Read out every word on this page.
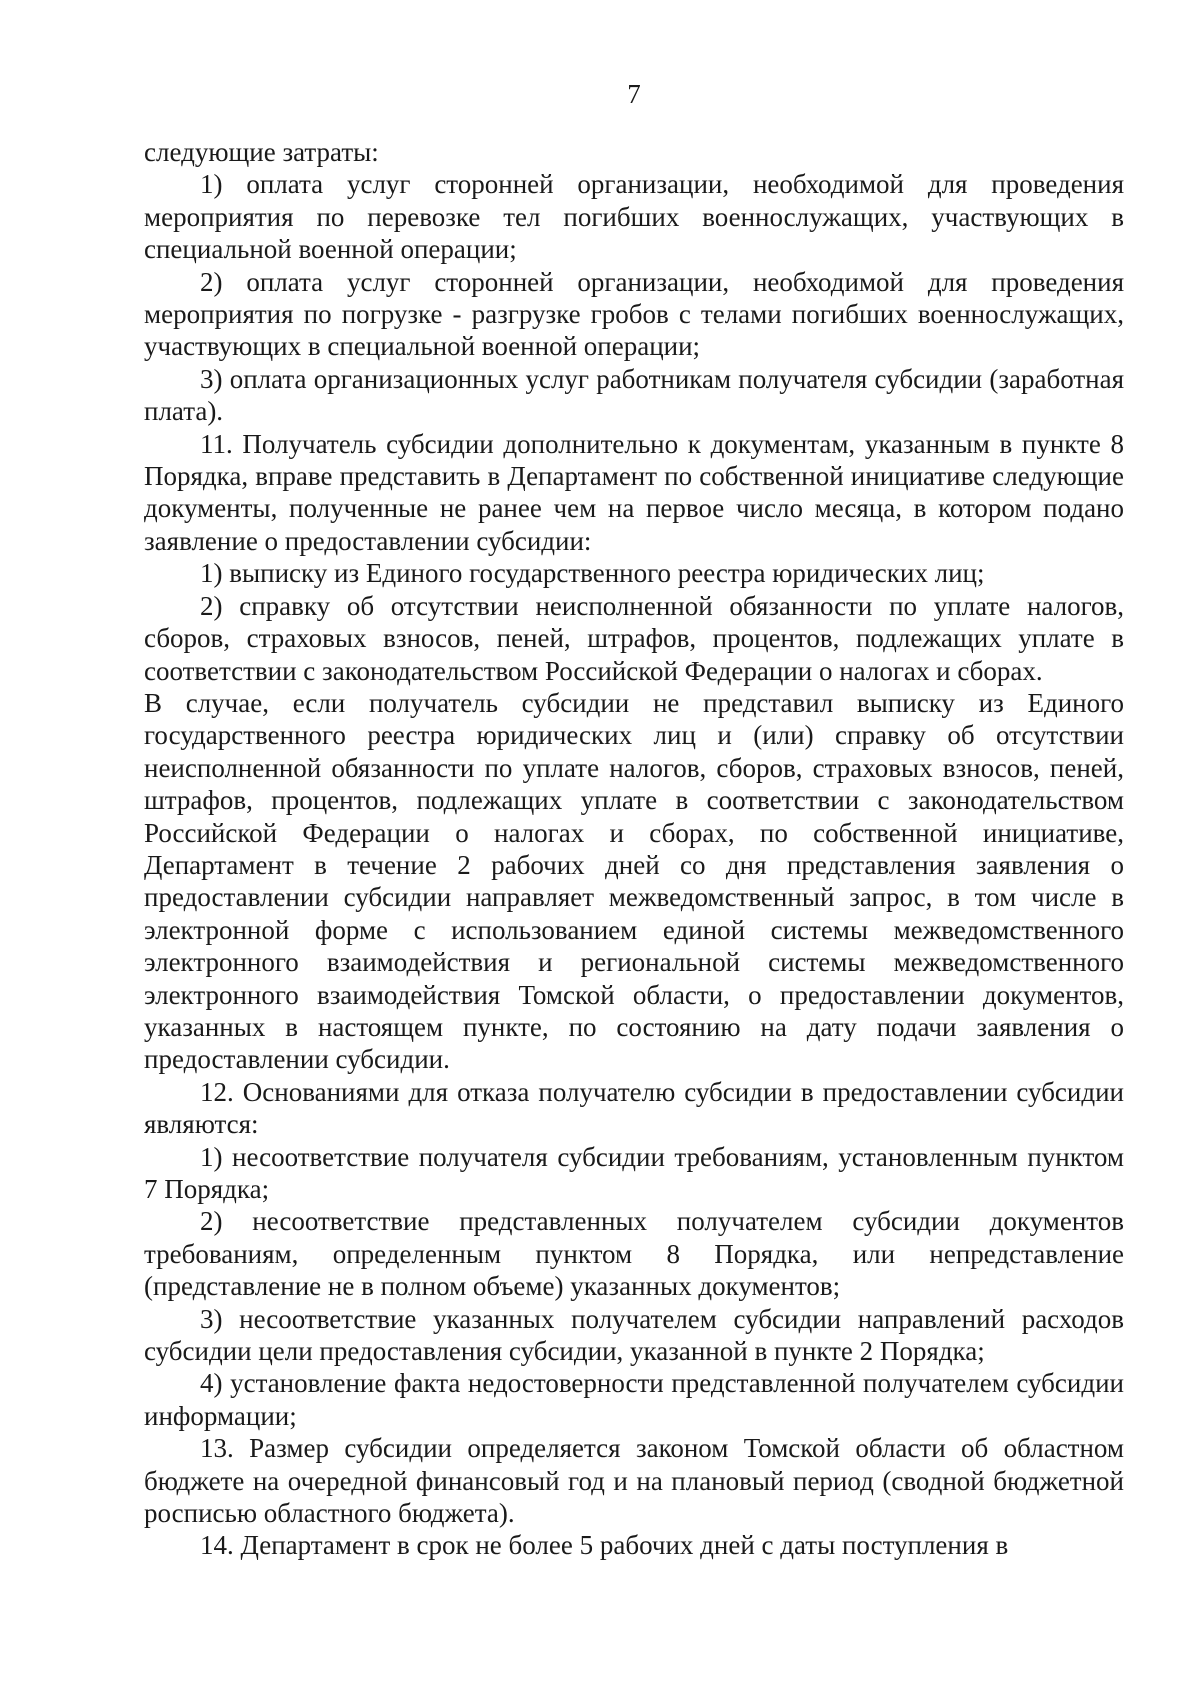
7

следующие затраты:

1) оплата услуг сторонней организации, необходимой для проведения мероприятия по перевозке тел погибших военнослужащих, участвующих в специальной военной операции;

2) оплата услуг сторонней организации, необходимой для проведения мероприятия по погрузке - разгрузке гробов с телами погибших военнослужащих, участвующих в специальной военной операции;

3) оплата организационных услуг работникам получателя субсидии (заработная плата).

11. Получатель субсидии дополнительно к документам, указанным в пункте 8 Порядка, вправе представить в Департамент по собственной инициативе следующие документы, полученные не ранее чем на первое число месяца, в котором подано заявление о предоставлении субсидии:

1) выписку из Единого государственного реестра юридических лиц;

2) справку об отсутствии неисполненной обязанности по уплате налогов, сборов, страховых взносов, пеней, штрафов, процентов, подлежащих уплате в соответствии с законодательством Российской Федерации о налогах и сборах.

В случае, если получатель субсидии не представил выписку из Единого государственного реестра юридических лиц и (или) справку об отсутствии неисполненной обязанности по уплате налогов, сборов, страховых взносов, пеней, штрафов, процентов, подлежащих уплате в соответствии с законодательством Российской Федерации о налогах и сборах, по собственной инициативе, Департамент в течение 2 рабочих дней со дня представления заявления о предоставлении субсидии направляет межведомственный запрос, в том числе в электронной форме с использованием единой системы межведомственного электронного взаимодействия и региональной системы межведомственного электронного взаимодействия Томской области, о предоставлении документов, указанных в настоящем пункте, по состоянию на дату подачи заявления о предоставлении субсидии.

12. Основаниями для отказа получателю субсидии в предоставлении субсидии являются:

1) несоответствие получателя субсидии требованиям, установленным пунктом 7 Порядка;

2) несоответствие представленных получателем субсидии документов требованиям, определенным пунктом 8 Порядка, или непредставление (представление не в полном объеме) указанных документов;

3) несоответствие указанных получателем субсидии направлений расходов субсидии цели предоставления субсидии, указанной в пункте 2 Порядка;

4) установление факта недостоверности представленной получателем субсидии информации;

13. Размер субсидии определяется законом Томской области об областном бюджете на очередной финансовый год и на плановый период (сводной бюджетной росписью областного бюджета).

14. Департамент в срок не более 5 рабочих дней с даты поступления в
